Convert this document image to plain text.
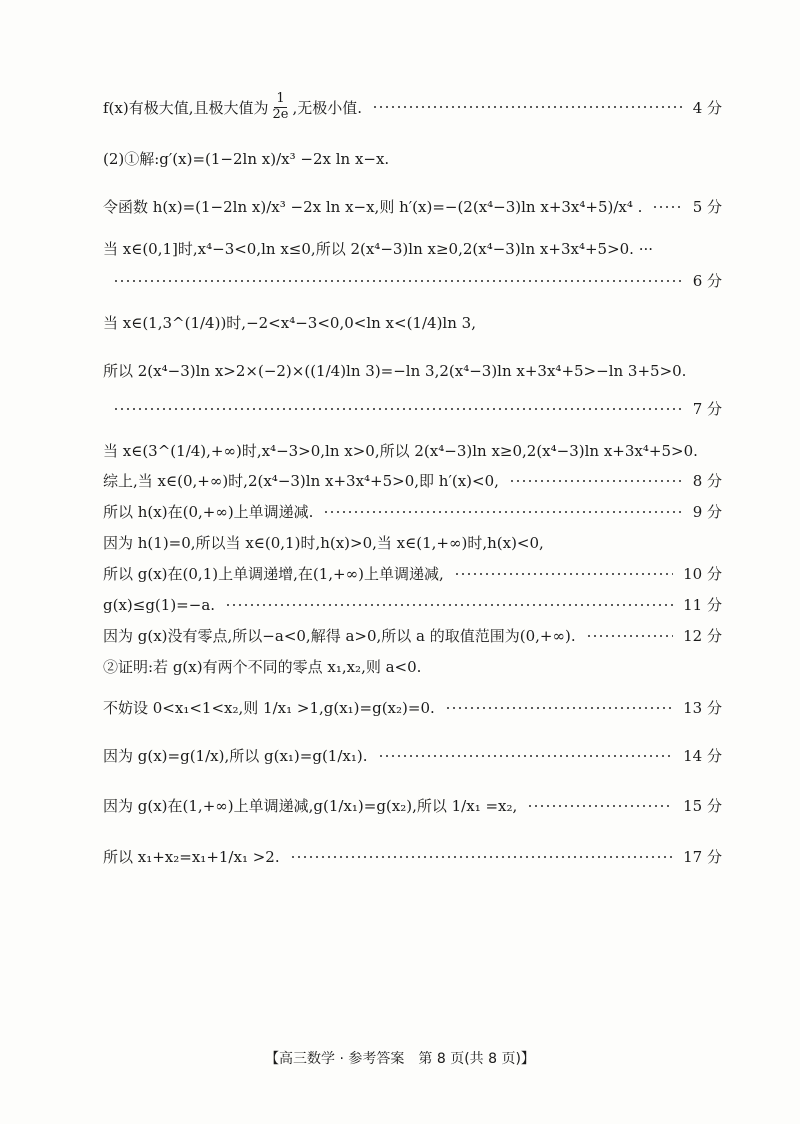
f(x)有极大值,且极大值为 $\frac{1}{2e}$ ,无极小值.	4 分
(2)①解:g′(x)=(1−2ln x)/x³ −2x ln x−x.
令函数 h(x)=(1−2ln x)/x³ −2x ln x−x,则 h′(x)=−(2(x⁴−3)ln x+3x⁴+5)/x⁴ .	5 分
当 x∈(0,1]时,x⁴−3<0,ln x≤0,所以 2(x⁴−3)ln x≥0,2(x⁴−3)ln x+3x⁴+5>0. ···
6 分
当 x∈(1,3^(1/4))时,−2<x⁴−3<0,0<ln x<(1/4)ln 3,
所以 2(x⁴−3)ln x>2×(−2)×((1/4)ln 3)=−ln 3,2(x⁴−3)ln x+3x⁴+5>−ln 3+5>0.
7 分
当 x∈(3^(1/4),+∞)时,x⁴−3>0,ln x>0,所以 2(x⁴−3)ln x≥0,2(x⁴−3)ln x+3x⁴+5>0.
综上,当 x∈(0,+∞)时,2(x⁴−3)ln x+3x⁴+5>0,即 h′(x)<0,	8 分
所以 h(x)在(0,+∞)上单调递减.	9 分
因为 h(1)=0,所以当 x∈(0,1)时,h(x)>0,当 x∈(1,+∞)时,h(x)<0,
所以 g(x)在(0,1)上单调递增,在(1,+∞)上单调递减,	10 分
g(x)≤g(1)=−a.	11 分
因为 g(x)没有零点,所以−a<0,解得 a>0,所以 a 的取值范围为(0,+∞).	12 分
②证明:若 g(x)有两个不同的零点 x₁,x₂,则 a<0.
不妨设 0<x₁<1<x₂,则 1/x₁ >1,g(x₁)=g(x₂)=0.	13 分
因为 g(x)=g(1/x),所以 g(x₁)=g(1/x₁).	14 分
因为 g(x)在(1,+∞)上单调递减,g(1/x₁)=g(x₂),所以 1/x₁ =x₂,	15 分
所以 x₁+x₂=x₁+1/x₁ >2.	17 分
【高三数学 · 参考答案　第 8 页(共 8 页)】
